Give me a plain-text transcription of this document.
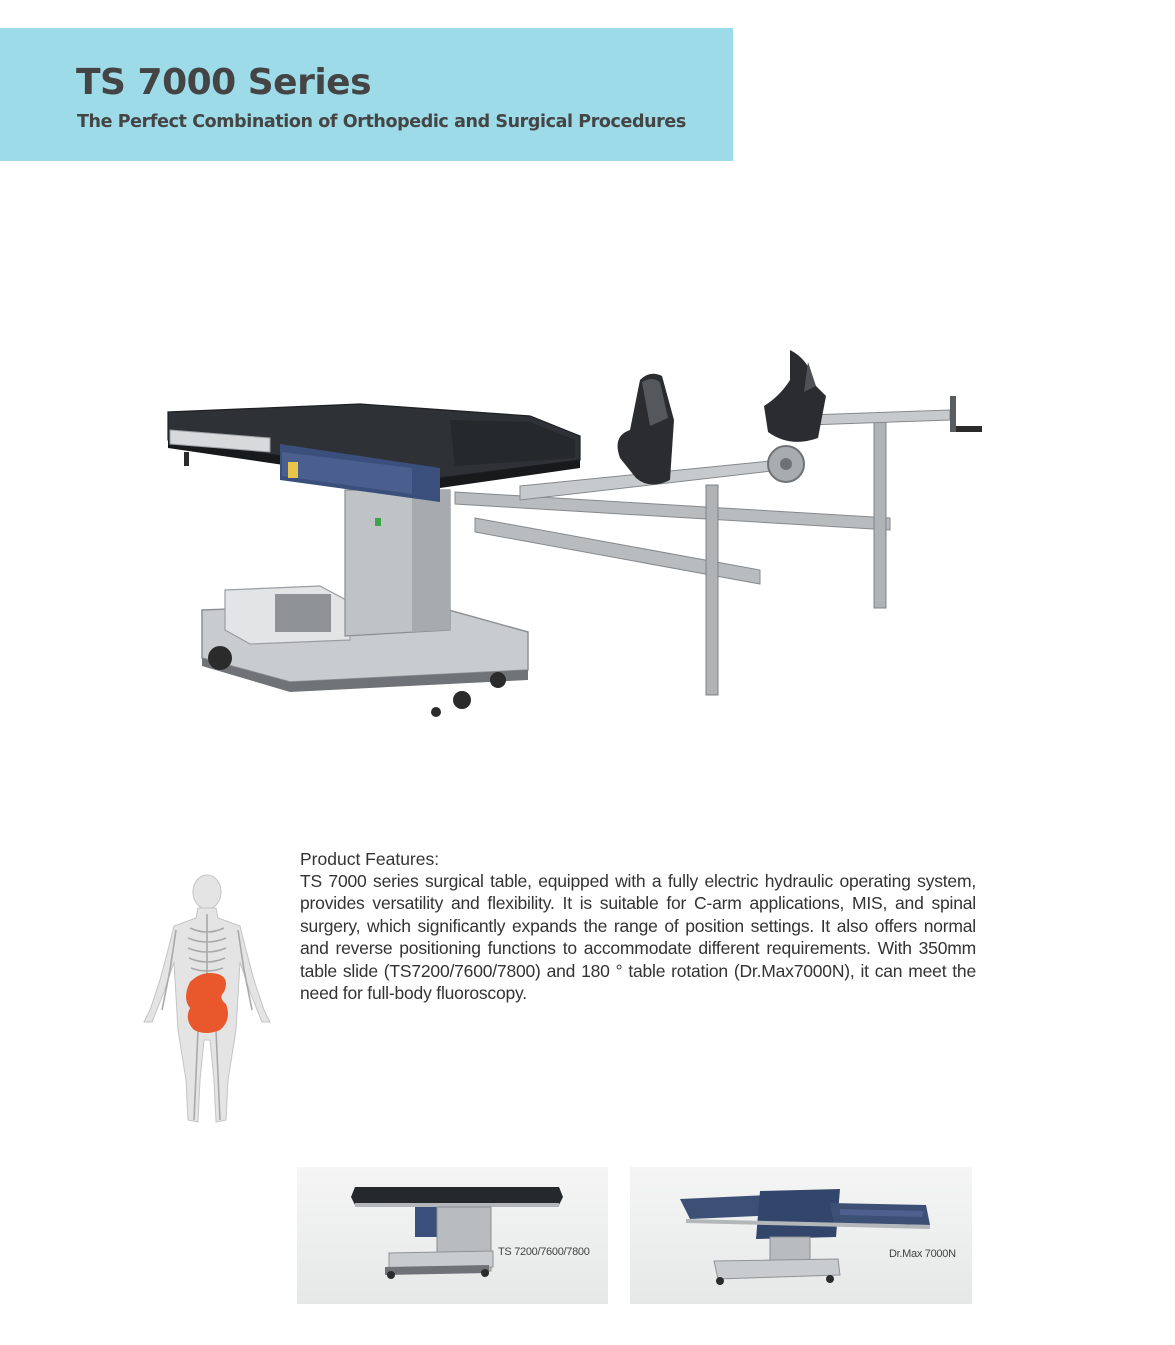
TS 7000 Series

The Perfect Combination of Orthopedic and Surgical Procedures

Product Features:

TS 7000 series surgical table, equipped with a fully electric hydraulic operating system, provides versatility and flexibility. It is suitable for C-arm applications, MIS, and spinal surgery, which significantly expands the range of position settings. It also offers normal and reverse positioning functions to accommodate different requirements. With 350mm table slide (TS7200/7600/7800) and 180 ° table rotation (Dr.Max7000N), it can meet the need for full-body fluoroscopy.

TS 7200/7600/7800	Dr.Max 7000N
